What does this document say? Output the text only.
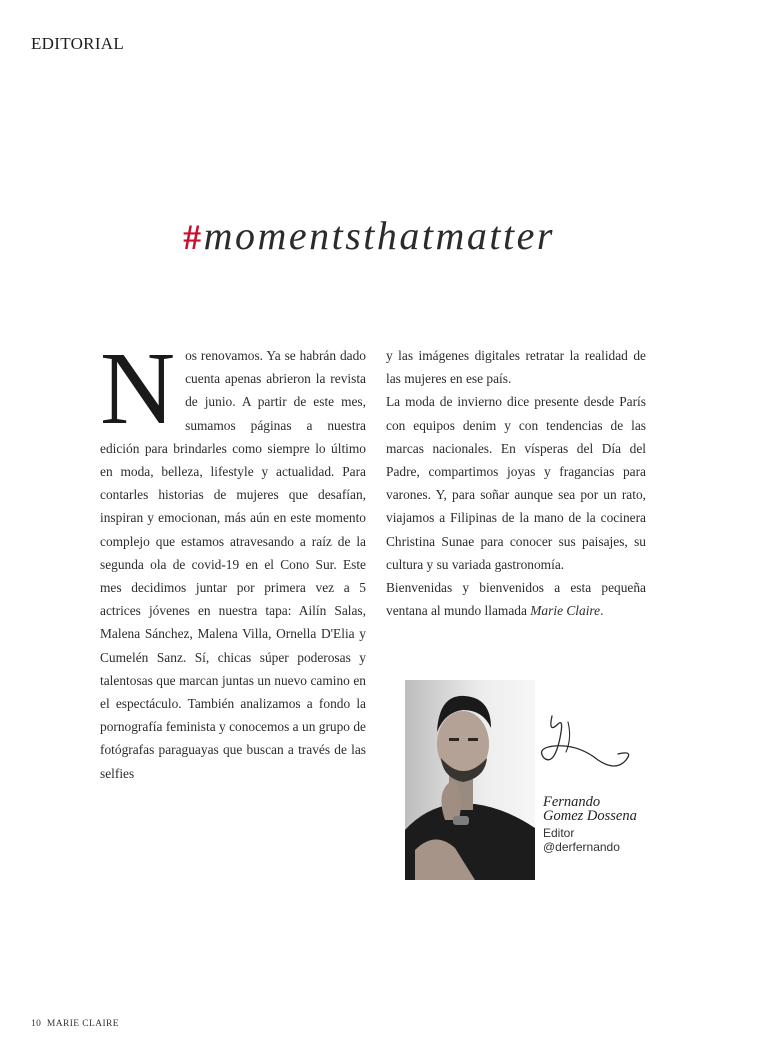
EDITORIAL
#momentsthatmatter
Nos renovamos. Ya se habrán dado cuenta apenas abrieron la revista de junio. A partir de este mes, sumamos páginas a nuestra edición para brindarles como siempre lo último en moda, belleza, lifestyle y actualidad. Para contarles historias de mujeres que desafían, inspiran y emocionan, más aún en este momento complejo que estamos atravesando a raíz de la segunda ola de covid-19 en el Cono Sur. Este mes decidimos juntar por primera vez a 5 actrices jóvenes en nuestra tapa: Ailín Salas, Malena Sánchez, Malena Villa, Ornella D'Elia y Cumelén Sanz. Sí, chicas súper poderosas y talentosas que marcan juntas un nuevo camino en el espectáculo. También analizamos a fondo la pornografía feminista y conocemos a un grupo de fotógrafas paraguayas que buscan a través de las selfies

y las imágenes digitales retratar la realidad de las mujeres en ese país.

La moda de invierno dice presente desde París con equipos denim y con tendencias de las marcas nacionales. En vísperas del Día del Padre, compartimos joyas y fragancias para varones. Y, para soñar aunque sea por un rato, viajamos a Filipinas de la mano de la cocinera Christina Sunae para conocer sus paisajes, su cultura y su variada gastronomía.

Bienvenidas y bienvenidos a esta pequeña ventana al mundo llamada Marie Claire.

Fernando
Gomez Dossena
Editor
@derfernando
10 MARIE CLAIRE
